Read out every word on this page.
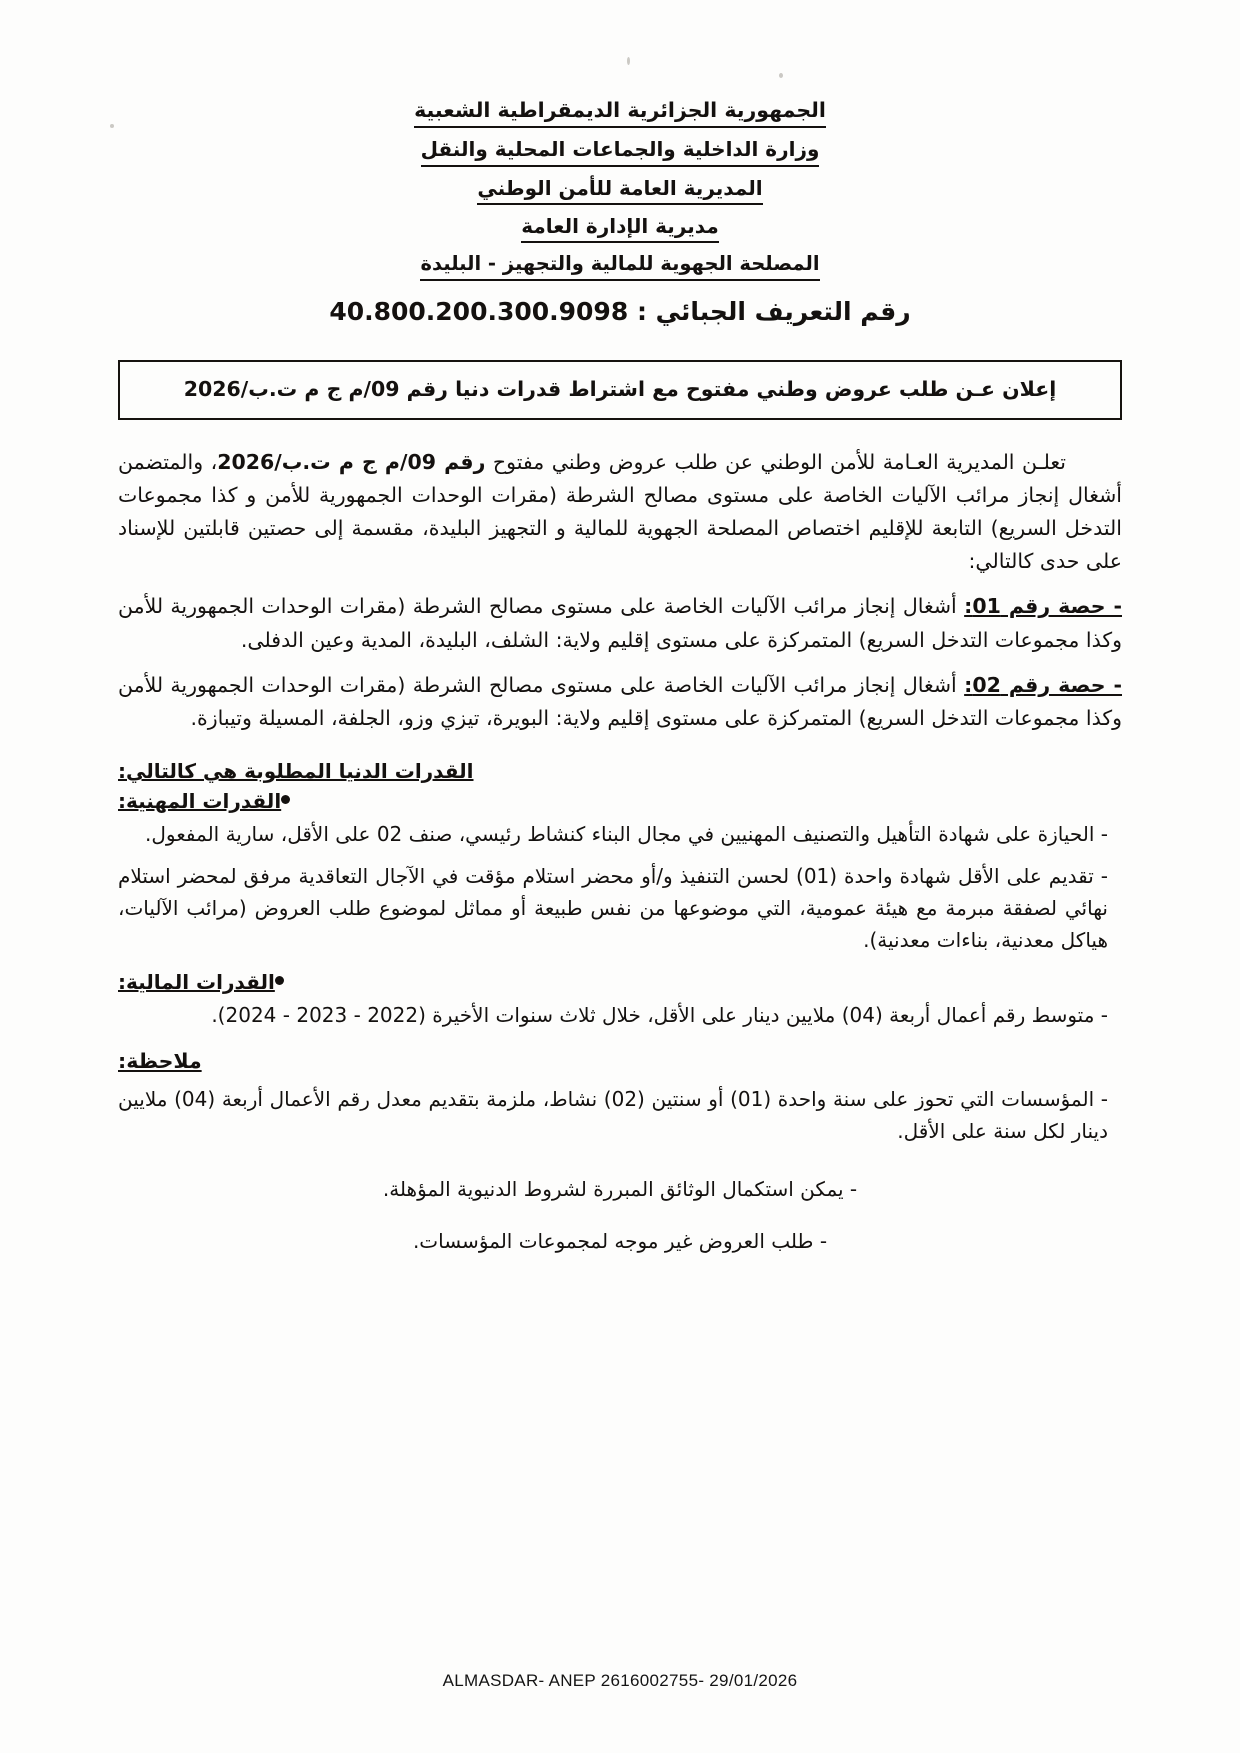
الجمهورية الجزائرية الديمقراطية الشعبية
وزارة الداخلية والجماعات المحلية والنقل
المديرية العامة للأمن الوطني
مديرية الإدارة العامة
المصلحة الجهوية للمالية والتجهيز - البليدة
رقم التعريف الجبائي : 40.800.200.300.9098
إعلان عـن طلب عروض وطني مفتوح مع اشتراط قدرات دنيا رقم 09/م ج م ت.ب/2026
تعلـن المديرية العـامة للأمن الوطني عن طلب عروض وطني مفتوح رقم 09/م ج م ت.ب/2026، والمتضمن أشغال إنجاز مرائب الآليات الخاصة على مستوى مصالح الشرطة (مقرات الوحدات الجمهورية للأمن و كذا مجموعات التدخل السريع) التابعة للإقليم اختصاص المصلحة الجهوية للمالية و التجهيز البليدة، مقسمة إلى حصتين قابلتين للإسناد على حدى كالتالي:
- حصة رقم 01: أشغال إنجاز مرائب الآليات الخاصة على مستوى مصالح الشرطة (مقرات الوحدات الجمهورية للأمن وكذا مجموعات التدخل السريع) المتمركزة على مستوى إقليم ولاية: الشلف، البليدة، المدية وعين الدفلى.
- حصة رقم 02: أشغال إنجاز مرائب الآليات الخاصة على مستوى مصالح الشرطة (مقرات الوحدات الجمهورية للأمن وكذا مجموعات التدخل السريع) المتمركزة على مستوى إقليم ولاية: البويرة، تيزي وزو، الجلفة، المسيلة وتيبازة.
القدرات الدنيا المطلوبة هي كالتالي:
القدرات المهنية:
- الحيازة على شهادة التأهيل والتصنيف المهنيين في مجال البناء كنشاط رئيسي، صنف 02 على الأقل، سارية المفعول.
- تقديم على الأقل شهادة واحدة (01) لحسن التنفيذ و/أو محضر استلام مؤقت في الآجال التعاقدية مرفق لمحضر استلام نهائي لصفقة مبرمة مع هيئة عمومية، التي موضوعها من نفس طبيعة أو مماثل لموضوع طلب العروض (مرائب الآليات، هياكل معدنية، بناءات معدنية).
القدرات المالية:
- متوسط رقم أعمال أربعة (04) ملايين دينار على الأقل، خلال ثلاث سنوات الأخيرة (2022 - 2023 - 2024).
ملاحظة:
- المؤسسات التي تحوز على سنة واحدة (01) أو سنتين (02) نشاط، ملزمة بتقديم معدل رقم الأعمال أربعة (04) ملايين دينار لكل سنة على الأقل.
- يمكن استكمال الوثائق المبررة لشروط الدنيوية المؤهلة.
- طلب العروض غير موجه لمجموعات المؤسسات.
ALMASDAR- ANEP 2616002755- 29/01/2026
